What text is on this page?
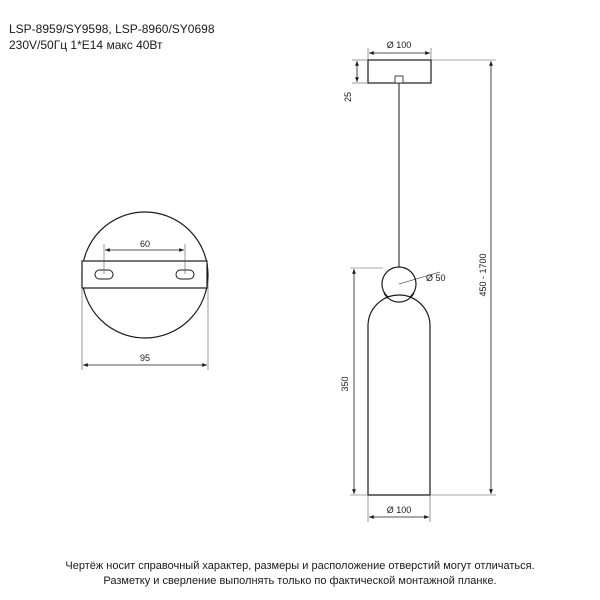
LSP-8959/SY9598, LSP-8960/SY0698
230V/50Гц 1*E14 макс 40Вт
60
95
Ø 100
25
Ø 50
350
450 - 1700
Ø 100
Чертёж носит справочный характер, размеры и расположение отверстий могут отличаться.
Разметку и сверление выполнять только по фактической монтажной планке.
